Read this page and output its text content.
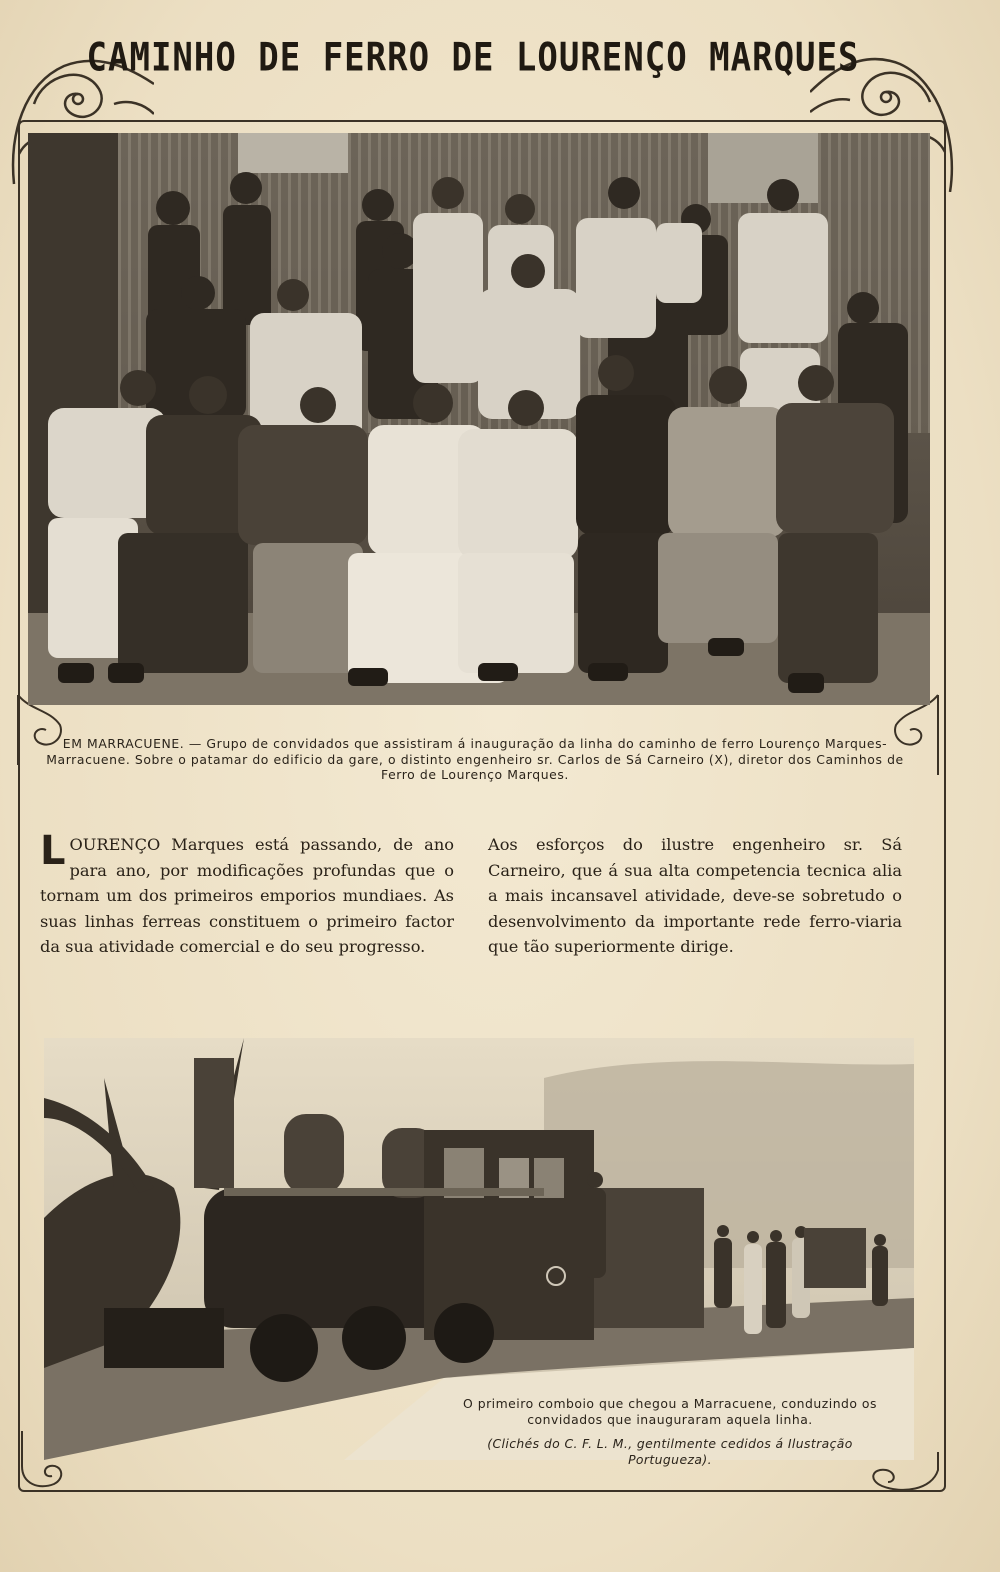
CAMINHO DE FERRO DE LOURENÇO MARQUES
EM MARRACUENE. — Grupo de convidados que assistiram á inauguração da linha do caminho de ferro Lourenço Marques-Marracuene. Sobre o patamar do edificio da gare, o distinto engenheiro sr. Carlos de Sá Carneiro (X), diretor dos Caminhos de Ferro de Lourenço Marques.
LOURENÇO Marques está passando, de ano para ano, por modificações profundas que o tornam um dos primeiros emporios mundiaes. As suas linhas ferreas constituem o primeiro factor da sua atividade comercial e do seu progresso.
Aos esforços do ilustre engenheiro sr. Sá Carneiro, que á sua alta competencia tecnica alia a mais incansavel atividade, deve-se sobretudo o desenvolvimento da importante rede ferro-viaria que tão superiormente dirige.
O primeiro comboio que chegou a Marracuene, conduzindo os convidados que inauguraram aquela linha.
(Clichés do C. F. L. M., gentilmente cedidos á Ilustração Portugueza).
